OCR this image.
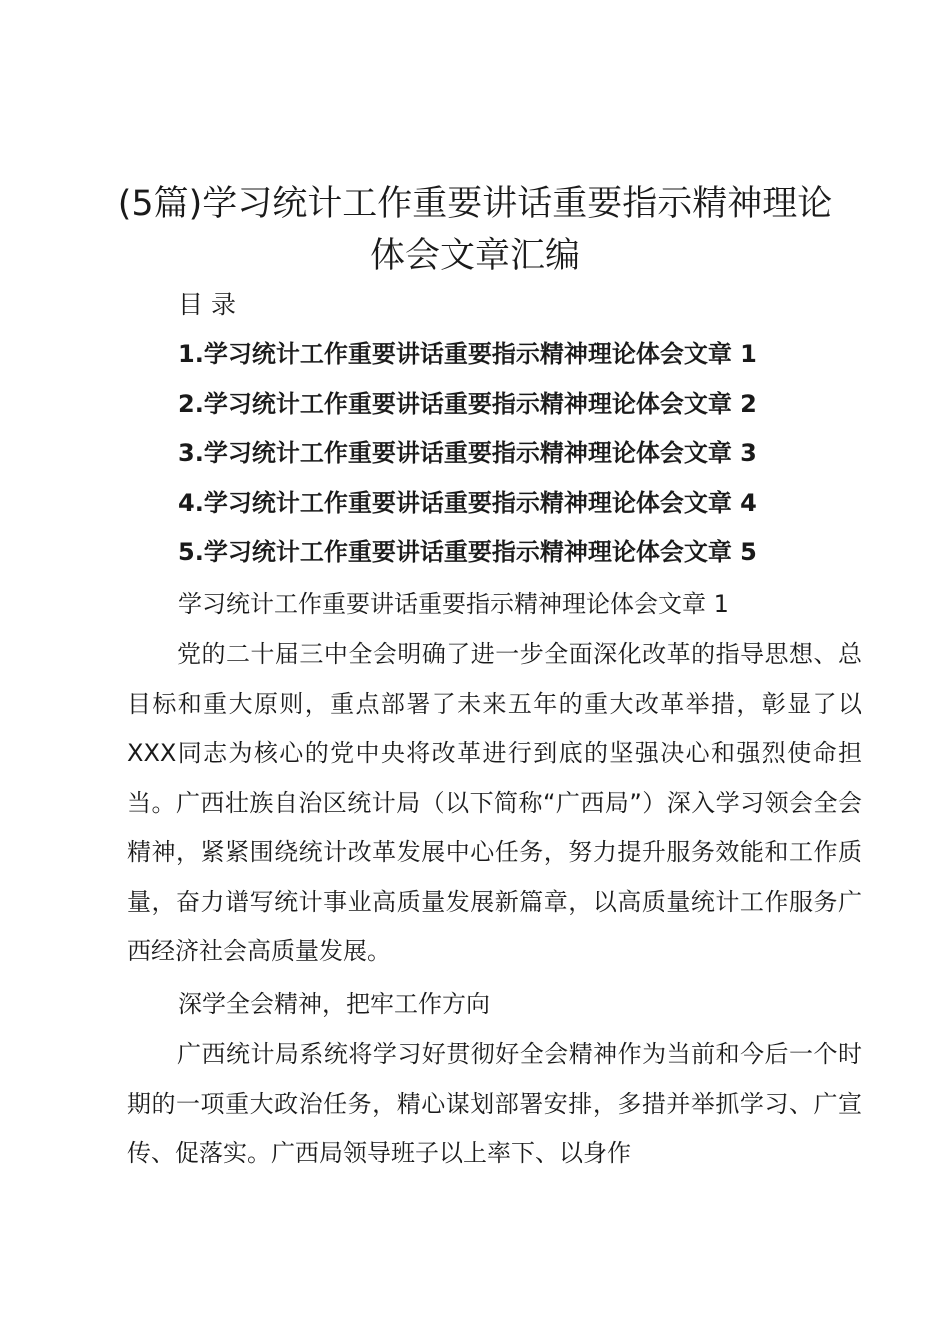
(5篇)学习统计工作重要讲话重要指示精神理论体会文章汇编

目 录

1.学习统计工作重要讲话重要指示精神理论体会文章 1
2.学习统计工作重要讲话重要指示精神理论体会文章 2
3.学习统计工作重要讲话重要指示精神理论体会文章 3
4.学习统计工作重要讲话重要指示精神理论体会文章 4
5.学习统计工作重要讲话重要指示精神理论体会文章 5

学习统计工作重要讲话重要指示精神理论体会文章 1

党的二十届三中全会明确了进一步全面深化改革的指导思想、总目标和重大原则，重点部署了未来五年的重大改革举措，彰显了以XXX同志为核心的党中央将改革进行到底的坚强决心和强烈使命担当。广西壮族自治区统计局（以下简称“广西局”）深入学习领会全会精神，紧紧围绕统计改革发展中心任务，努力提升服务效能和工作质量，奋力谱写统计事业高质量发展新篇章，以高质量统计工作服务广西经济社会高质量发展。

深学全会精神，把牢工作方向

广西统计局系统将学习好贯彻好全会精神作为当前和今后一个时期的一项重大政治任务，精心谋划部署安排，多措并举抓学习、广宣传、促落实。广西局领导班子以上率下、以身作
